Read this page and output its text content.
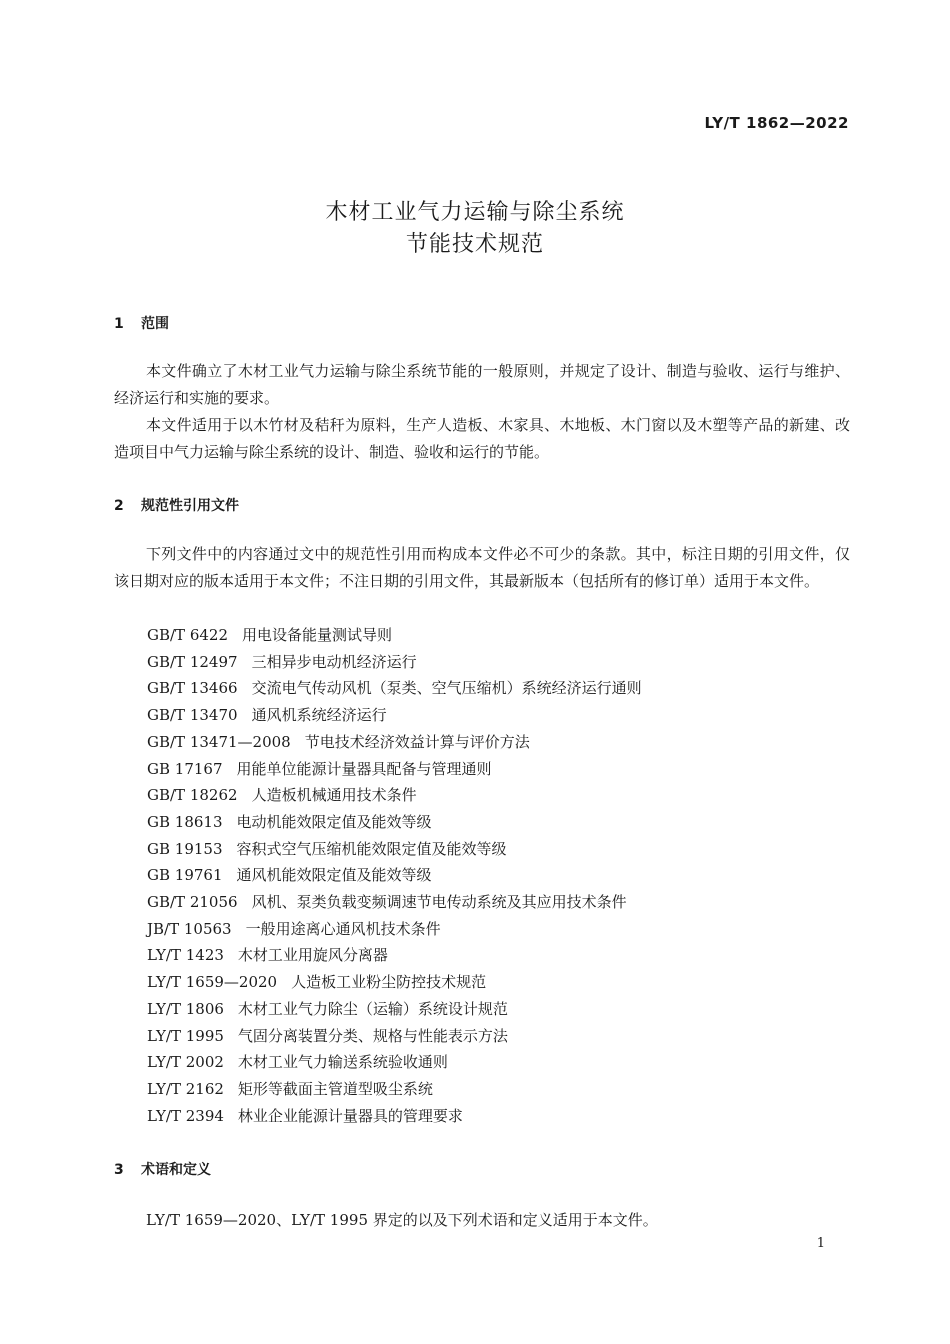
LY/T 1862—2022
木材工业气力运输与除尘系统
节能技术规范
1 范围
本文件确立了木材工业气力运输与除尘系统节能的一般原则，并规定了设计、制造与验收、运行与维护、经济运行和实施的要求。
本文件适用于以木竹材及秸秆为原料，生产人造板、木家具、木地板、木门窗以及木塑等产品的新建、改造项目中气力运输与除尘系统的设计、制造、验收和运行的节能。
2 规范性引用文件
下列文件中的内容通过文中的规范性引用而构成本文件必不可少的条款。其中，标注日期的引用文件，仅该日期对应的版本适用于本文件；不注日期的引用文件，其最新版本（包括所有的修订单）适用于本文件。
GB/T 6422 用电设备能量测试导则
GB/T 12497 三相异步电动机经济运行
GB/T 13466 交流电气传动风机（泵类、空气压缩机）系统经济运行通则
GB/T 13470 通风机系统经济运行
GB/T 13471—2008 节电技术经济效益计算与评价方法
GB 17167 用能单位能源计量器具配备与管理通则
GB/T 18262 人造板机械通用技术条件
GB 18613 电动机能效限定值及能效等级
GB 19153 容积式空气压缩机能效限定值及能效等级
GB 19761 通风机能效限定值及能效等级
GB/T 21056 风机、泵类负载变频调速节电传动系统及其应用技术条件
JB/T 10563 一般用途离心通风机技术条件
LY/T 1423 木材工业用旋风分离器
LY/T 1659—2020 人造板工业粉尘防控技术规范
LY/T 1806 木材工业气力除尘（运输）系统设计规范
LY/T 1995 气固分离装置分类、规格与性能表示方法
LY/T 2002 木材工业气力输送系统验收通则
LY/T 2162 矩形等截面主管道型吸尘系统
LY/T 2394 林业企业能源计量器具的管理要求
3 术语和定义
LY/T 1659—2020、LY/T 1995 界定的以及下列术语和定义适用于本文件。
1
